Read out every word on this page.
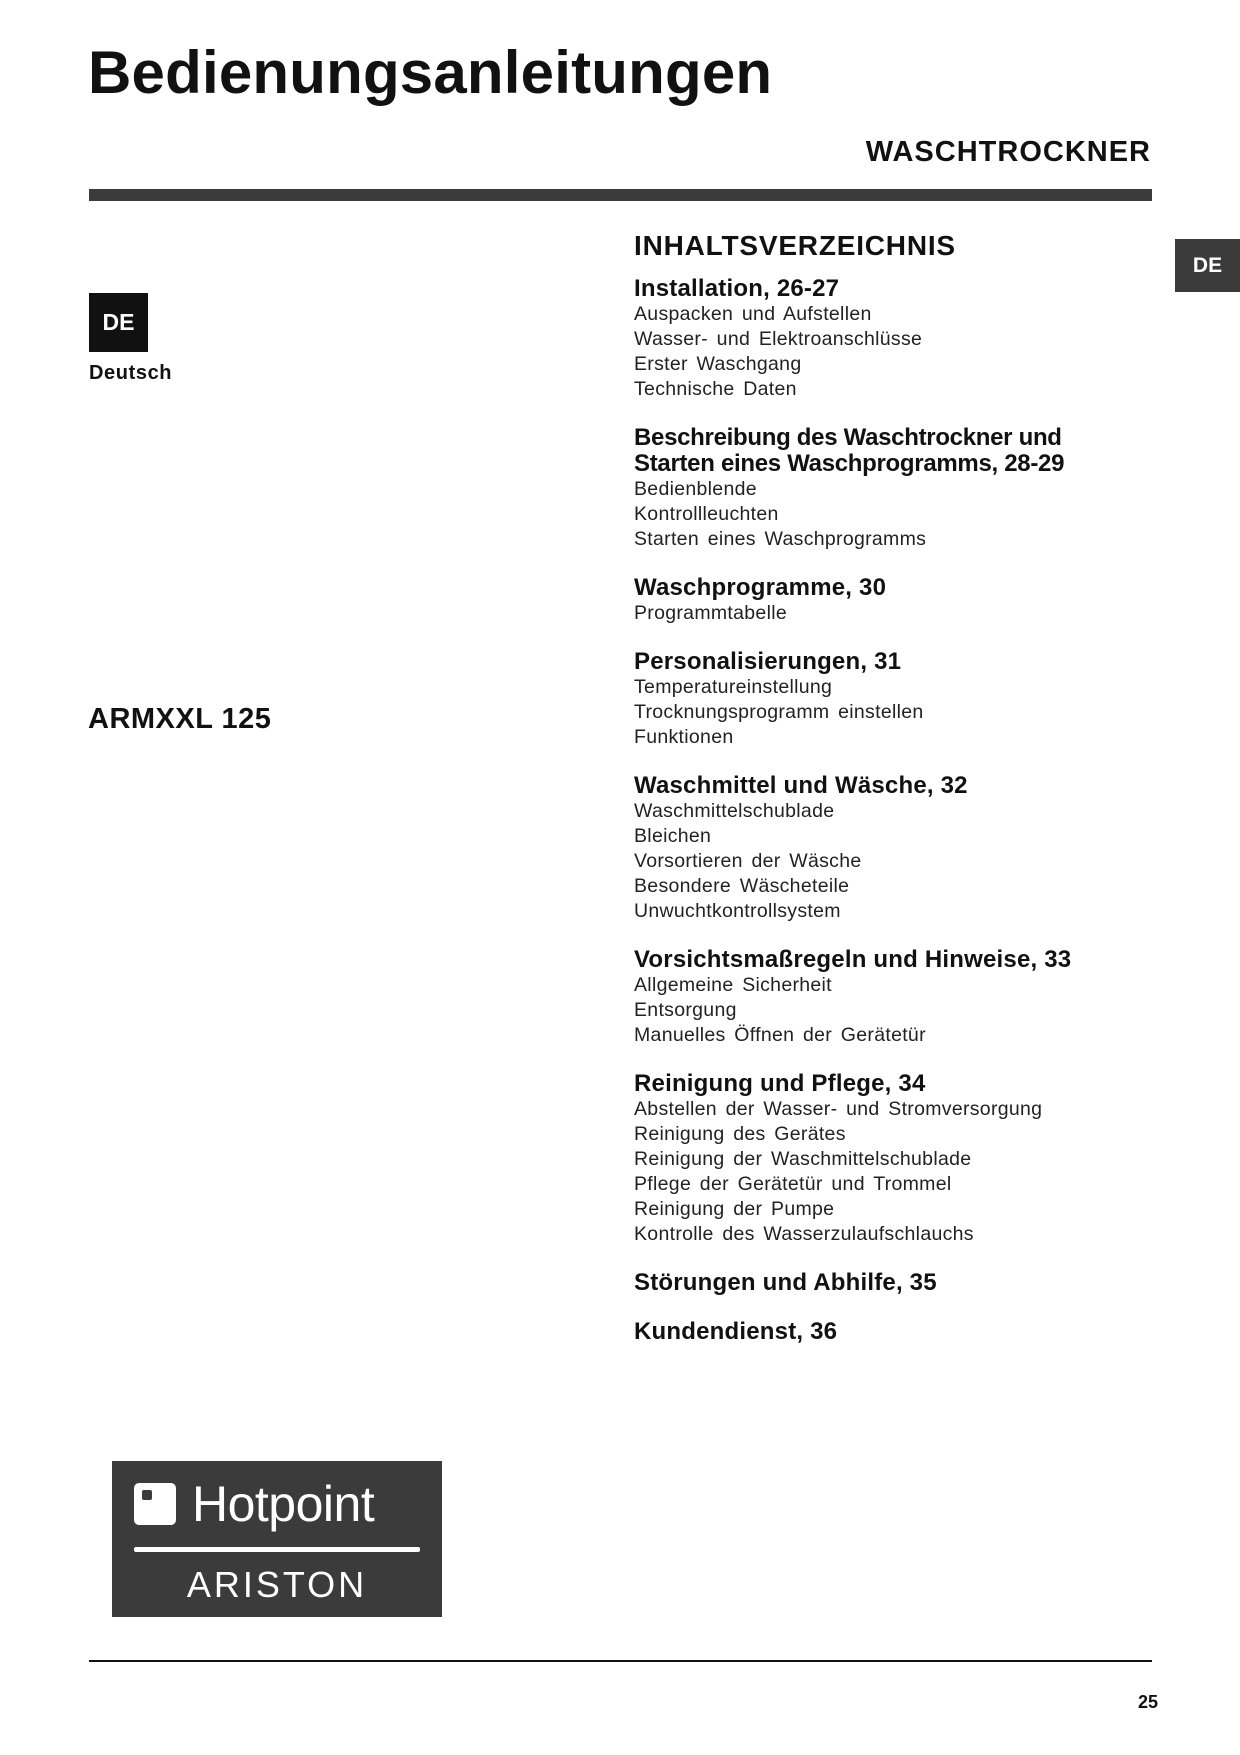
Bedienungsanleitungen
WASCHTROCKNER
DE
DE
Deutsch
ARMXXL 125
INHALTSVERZEICHNIS
Installation, 26-27
Auspacken und Aufstellen
Wasser- und Elektroanschlüsse
Erster Waschgang
Technische Daten
Beschreibung des Waschtrockner und
Starten eines Waschprogramms, 28-29
Bedienblende
Kontrollleuchten
Starten eines Waschprogramms
Waschprogramme, 30
Programmtabelle
Personalisierungen, 31
Temperatureinstellung
Trocknungsprogramm einstellen
Funktionen
Waschmittel und Wäsche, 32
Waschmittelschublade
Bleichen
Vorsortieren der Wäsche
Besondere Wäscheteile
Unwuchtkontrollsystem
Vorsichtsmaßregeln und Hinweise, 33
Allgemeine Sicherheit
Entsorgung
Manuelles Öffnen der Gerätetür
Reinigung und Pflege, 34
Abstellen der Wasser- und Stromversorgung
Reinigung des Gerätes
Reinigung der Waschmittelschublade
Pflege der Gerätetür und Trommel
Reinigung der Pumpe
Kontrolle des Wasserzulaufschlauchs
Störungen und Abhilfe, 35
Kundendienst, 36
Hotpoint
ARISTON
25
